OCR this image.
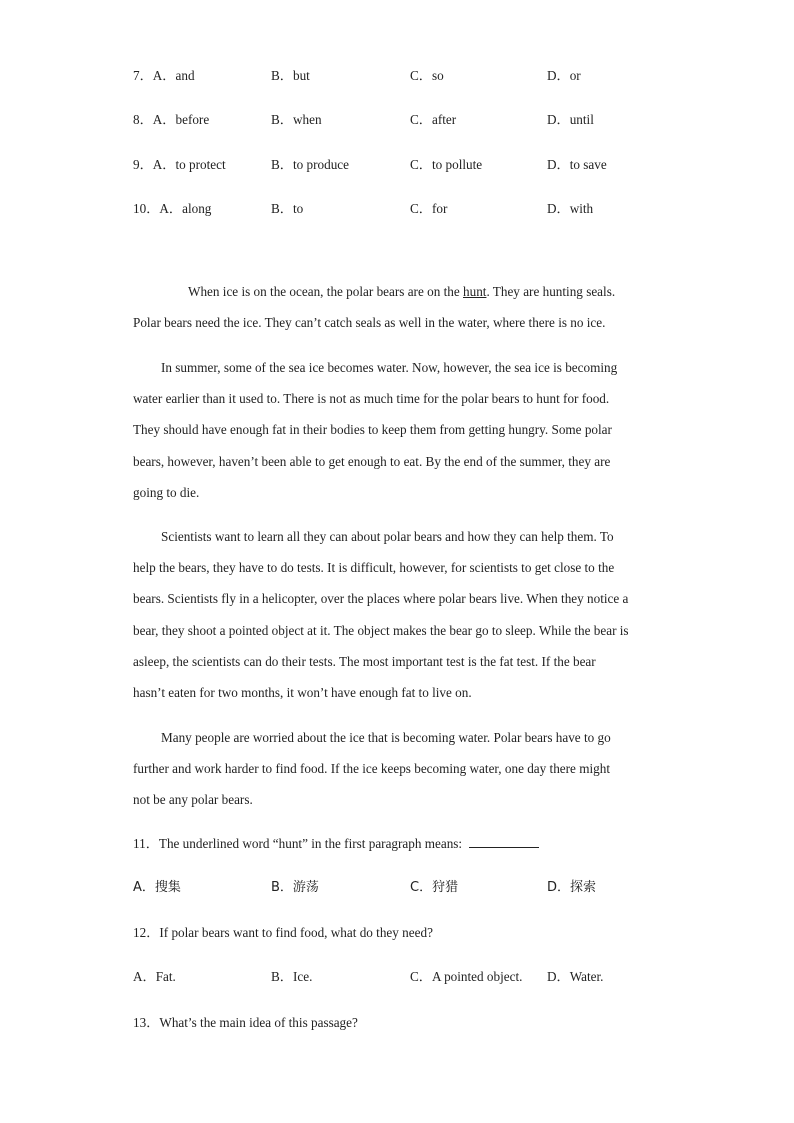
7．A．and	B．but	C．so	D．or
8．A．before	B．when	C．after	D．until
9．A．to protect	B．to produce	C．to pollute	D．to save
10．A．along	B．to	C．for	D．with
When ice is on the ocean, the polar bears are on the hunt. They are hunting seals.
Polar bears need the ice. They can’t catch seals as well in the water, where there is no ice.
In summer, some of the sea ice becomes water. Now, however, the sea ice is becoming
water earlier than it used to. There is not as much time for the polar bears to hunt for food.
They should have enough fat in their bodies to keep them from getting hungry. Some polar
bears, however, haven’t been able to get enough to eat. By the end of the summer, they are
going to die.
Scientists want to learn all they can about polar bears and how they can help them. To
help the bears, they have to do tests. It is difficult, however, for scientists to get close to the
bears. Scientists fly in a helicopter, over the places where polar bears live. When they notice a
bear, they shoot a pointed object at it. The object makes the bear go to sleep. While the bear is
asleep, the scientists can do their tests. The most important test is the fat test. If the bear
hasn’t eaten for two months, it won’t have enough fat to live on.
Many people are worried about the ice that is becoming water. Polar bears have to go
further and work harder to find food. If the ice keeps becoming water, one day there might
not be any polar bears.
11．The underlined word “hunt” in the first paragraph means:
A．搜集	B．游荡	C．狩猎	D．探索
12．If polar bears want to find food, what do they need?
A．Fat.	B．Ice.	C．A pointed object. D．Water.
13．What’s the main idea of this passage?
